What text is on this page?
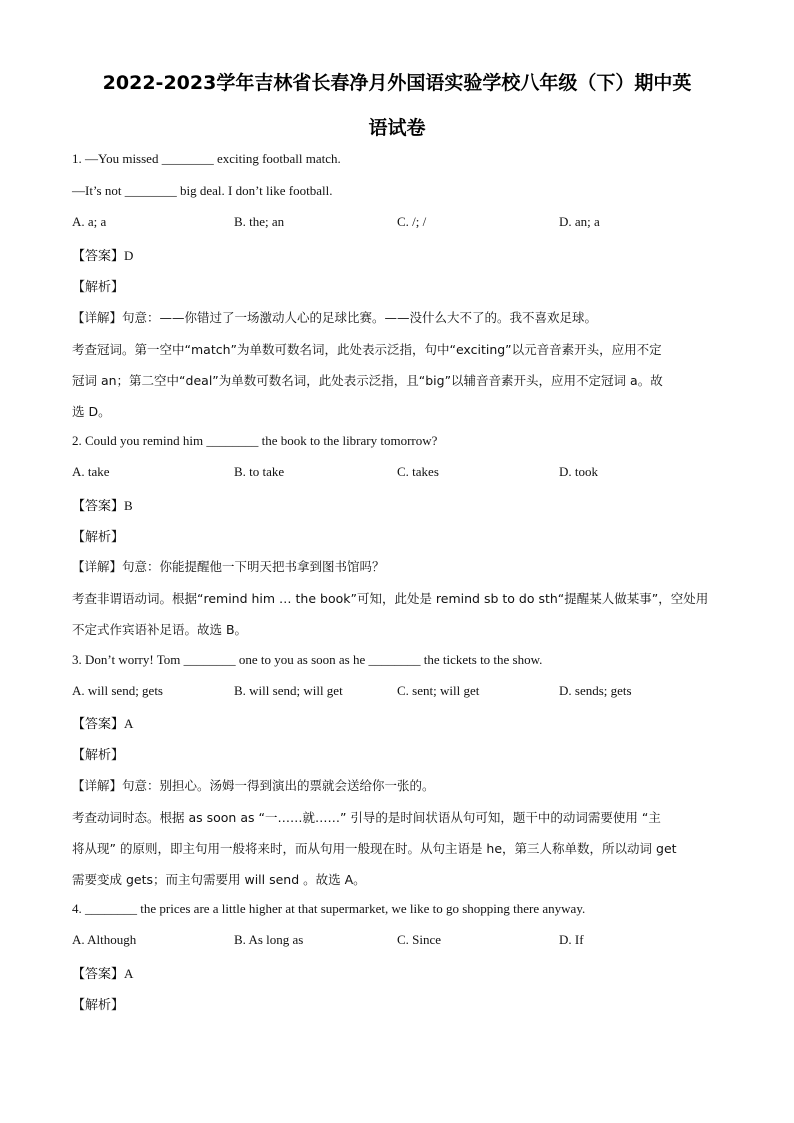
2022-2023学年吉林省长春净月外国语实验学校八年级（下）期中英
语试卷
1. —You missed ________ exciting football match.
—It’s not ________ big deal. I don’t like football.
A. a; a	B. the; an	C. /; /	D. an; a
【答案】D
【解析】
【详解】句意：——你错过了一场激动人心的足球比赛。——没什么大不了的。我不喜欢足球。
考查冠词。第一空中“match”为单数可数名词，此处表示泛指，句中“exciting”以元音音素开头，应用不定
冠词 an；第二空中“deal”为单数可数名词，此处表示泛指，且“big”以辅音音素开头，应用不定冠词 a。故
选 D。
2. Could you remind him ________ the book to the library tomorrow?
A. take	B. to take	C. takes	D. took
【答案】B
【解析】
【详解】句意：你能提醒他一下明天把书拿到图书馆吗？
考查非谓语动词。根据“remind him … the book”可知，此处是 remind sb to do sth“提醒某人做某事”，空处用
不定式作宾语补足语。故选 B。
3. Don’t worry! Tom ________ one to you as soon as he ________ the tickets to the show.
A. will send; gets	B. will send; will get	C. sent; will get	D. sends; gets
【答案】A
【解析】
【详解】句意：别担心。汤姆一得到演出的票就会送给你一张的。
考查动词时态。根据 as soon as “一……就……” 引导的是时间状语从句可知，题干中的动词需要使用 “主
将从现” 的原则，即主句用一般将来时，而从句用一般现在时。从句主语是 he，第三人称单数，所以动词 get
需要变成 gets；而主句需要用 will send 。故选 A。
4. ________ the prices are a little higher at that supermarket, we like to go shopping there anyway.
A. Although	B. As long as	C. Since	D. If
【答案】A
【解析】
